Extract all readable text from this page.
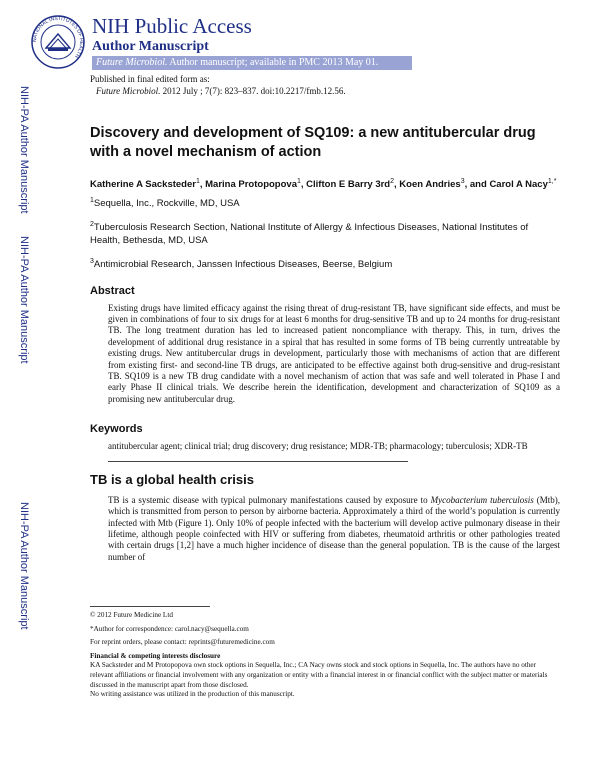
NATIONAL INSTITUTES OF HEALTH
NIH Public Access
Author Manuscript
Future Microbiol. Author manuscript; available in PMC 2013 May 01.
Published in final edited form as:
Future Microbiol. 2012 July ; 7(7): 823–837. doi:10.2217/fmb.12.56.
NIH-PA Author Manuscript
NIH-PA Author Manuscript
NIH-PA Author Manuscript
Discovery and development of SQ109: a new antitubercular drug with a novel mechanism of action
Katherine A Sacksteder$^1$, Marina Protopopova$^1$, Clifton E Barry $3rd^2$, Koen Andries$^3$, and Carol A Nacy$^{1,*}$
$^1$Sequella, Inc., Rockville, MD, USA
$^2$Tuberculosis Research Section, National Institute of Allergy & Infectious Diseases, National Institutes of Health, Bethesda, MD, USA
$^3$Antimicrobial Research, Janssen Infectious Diseases, Beerse, Belgium
Abstract
Existing drugs have limited efficacy against the rising threat of drug-resistant TB, have significant side effects, and must be given in combinations of four to six drugs for at least 6 months for drug-sensitive TB and up to 24 months for drug-resistant TB. The long treatment duration has led to increased patient noncompliance with therapy. This, in turn, drives the development of additional drug resistance in a spiral that has resulted in some forms of TB being currently untreatable by existing drugs. New antitubercular drugs in development, particularly those with mechanisms of action that are different from existing first- and second-line TB drugs, are anticipated to be effective against both drug-sensitive and drug-resistant TB. SQ109 is a new TB drug candidate with a novel mechanism of action that was safe and well tolerated in Phase I and early Phase II clinical trials. We describe herein the identification, development and characterization of SQ109 as a promising new antitubercular drug.
Keywords
antitubercular agent; clinical trial; drug discovery; drug resistance; MDR-TB; pharmacology; tuberculosis; XDR-TB
TB is a global health crisis
TB is a systemic disease with typical pulmonary manifestations caused by exposure to Mycobacterium tuberculosis (Mtb), which is transmitted from person to person by airborne bacteria. Approximately a third of the world’s population is currently infected with Mtb (Figure 1). Only 10% of people infected with the bacterium will develop active pulmonary disease in their lifetime, although people coinfected with HIV or suffering from diabetes, rheumatoid arthritis or other pathologies treated with certain drugs [1,2] have a much higher incidence of disease than the general population. TB is the cause of the largest number of

© 2012 Future Medicine Ltd

*Author for correspondence: carol.nacy@sequella.com

For reprint orders, please contact: reprints@futuremedicine.com

Financial & competing interests disclosure

KA Sacksteder and M Protopopova own stock options in Sequella, Inc.; CA Nacy owns stock and stock options in Sequella, Inc. The authors have no other relevant affiliations or financial involvement with any organization or entity with a financial interest in or financial conflict with the subject matter or materials discussed in the manuscript apart from those disclosed.

No writing assistance was utilized in the production of this manuscript.
